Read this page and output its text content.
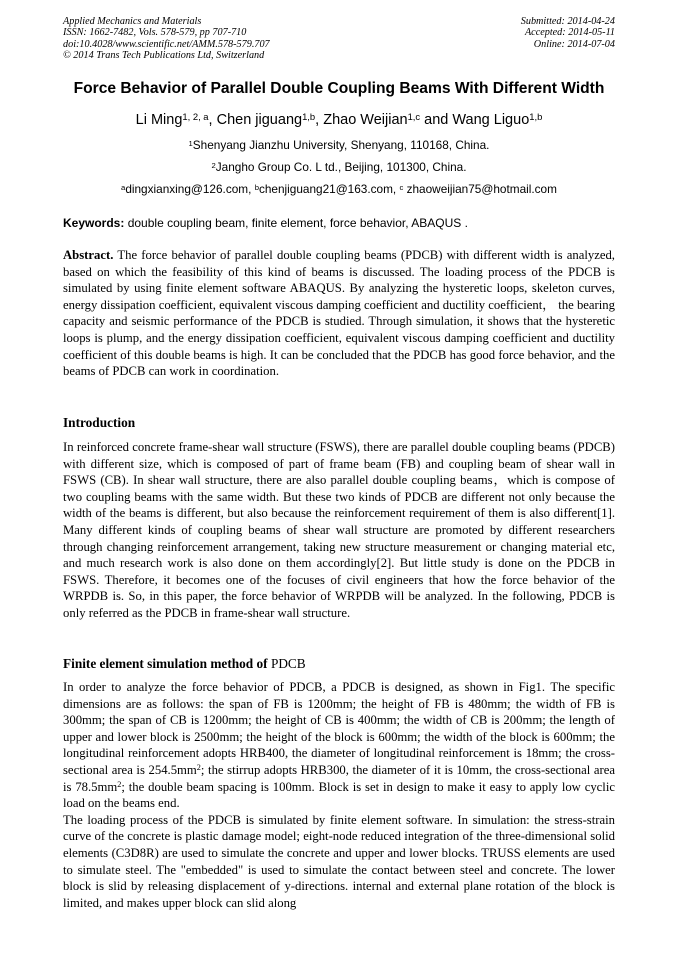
Applied Mechanics and Materials
ISSN: 1662-7482, Vols. 578-579, pp 707-710
doi:10.4028/www.scientific.net/AMM.578-579.707
© 2014 Trans Tech Publications Ltd, Switzerland
Submitted: 2014-04-24
Accepted: 2014-05-11
Online: 2014-07-04
Force Behavior of Parallel Double Coupling Beams With Different Width
Li Ming$^{1, 2, a}$, Chen jiguang$^{1,b}$, Zhao Weijian$^{1,c}$ and Wang Liguo$^{1,b}$
$^1$Shenyang Jianzhu University, Shenyang, 110168, China.
$^2$Jangho Group Co. L td., Beijing, 101300, China.
$^a$dingxianxing@126.com, $^b$chenjiguang21@163.com, $^c$ zhaoweijian75@hotmail.com
Keywords: double coupling beam, finite element, force behavior, ABAQUS .

Abstract. The force behavior of parallel double coupling beams (PDCB) with different width is analyzed, based on which the feasibility of this kind of beams is discussed. The loading process of the PDCB is simulated by using finite element software ABAQUS. By analyzing the hysteretic loops, skeleton curves, energy dissipation coefficient, equivalent viscous damping coefficient and ductility coefficient， the bearing capacity and seismic performance of the PDCB is studied. Through simulation, it shows that the hysteretic loops is plump, and the energy dissipation coefficient, equivalent viscous damping coefficient and ductility coefficient of this double beams is high. It can be concluded that the PDCB has good force behavior, and the beams of PDCB can work in coordination.

Introduction

In reinforced concrete frame-shear wall structure (FSWS), there are parallel double coupling beams (PDCB) with different size, which is composed of part of frame beam (FB) and coupling beam of shear wall in FSWS (CB). In shear wall structure, there are also parallel double coupling beams，which is compose of two coupling beams with the same width. But these two kinds of PDCB are different not only because the width of the beams is different, but also because the reinforcement requirement of them is also different[1]. Many different kinds of coupling beams of shear wall structure are promoted by different researchers through changing reinforcement arrangement, taking new structure measurement or changing material etc, and much research work is also done on them accordingly[2]. But little study is done on the PDCB in FSWS. Therefore, it becomes one of the focuses of civil engineers that how the force behavior of the WRPDB is. So, in this paper, the force behavior of WRPDB will be analyzed. In the following, PDCB is only referred as the PDCB in frame-shear wall structure.

Finite element simulation method of PDCB

In order to analyze the force behavior of PDCB, a PDCB is designed, as shown in Fig1. The specific dimensions are as follows: the span of FB is 1200mm; the height of FB is 480mm; the width of FB is 300mm; the span of CB is 1200mm; the height of CB is 400mm; the width of CB is 200mm; the length of upper and lower block is 2500mm; the height of the block is 600mm; the width of the block is 600mm; the longitudinal reinforcement adopts HRB400, the diameter of longitudinal reinforcement is 18mm; the cross-sectional area is $254.5mm^2$; the stirrup adopts HRB300, the diameter of it is 10mm, the cross-sectional area is $78.5mm^2$; the double beam spacing is 100mm. Block is set in design to make it easy to apply low cyclic load on the beams end.

The loading process of the PDCB is simulated by finite element software. In simulation: the stress-strain curve of the concrete is plastic damage model; eight-node reduced integration of the three-dimensional solid elements (C3D8R) are used to simulate the concrete and upper and lower blocks. TRUSS elements are used to simulate steel. The "embedded" is used to simulate the contact between steel and concrete. The lower block is slid by releasing displacement of y-directions. internal and external plane rotation of the block is limited, and makes upper block can slid along
